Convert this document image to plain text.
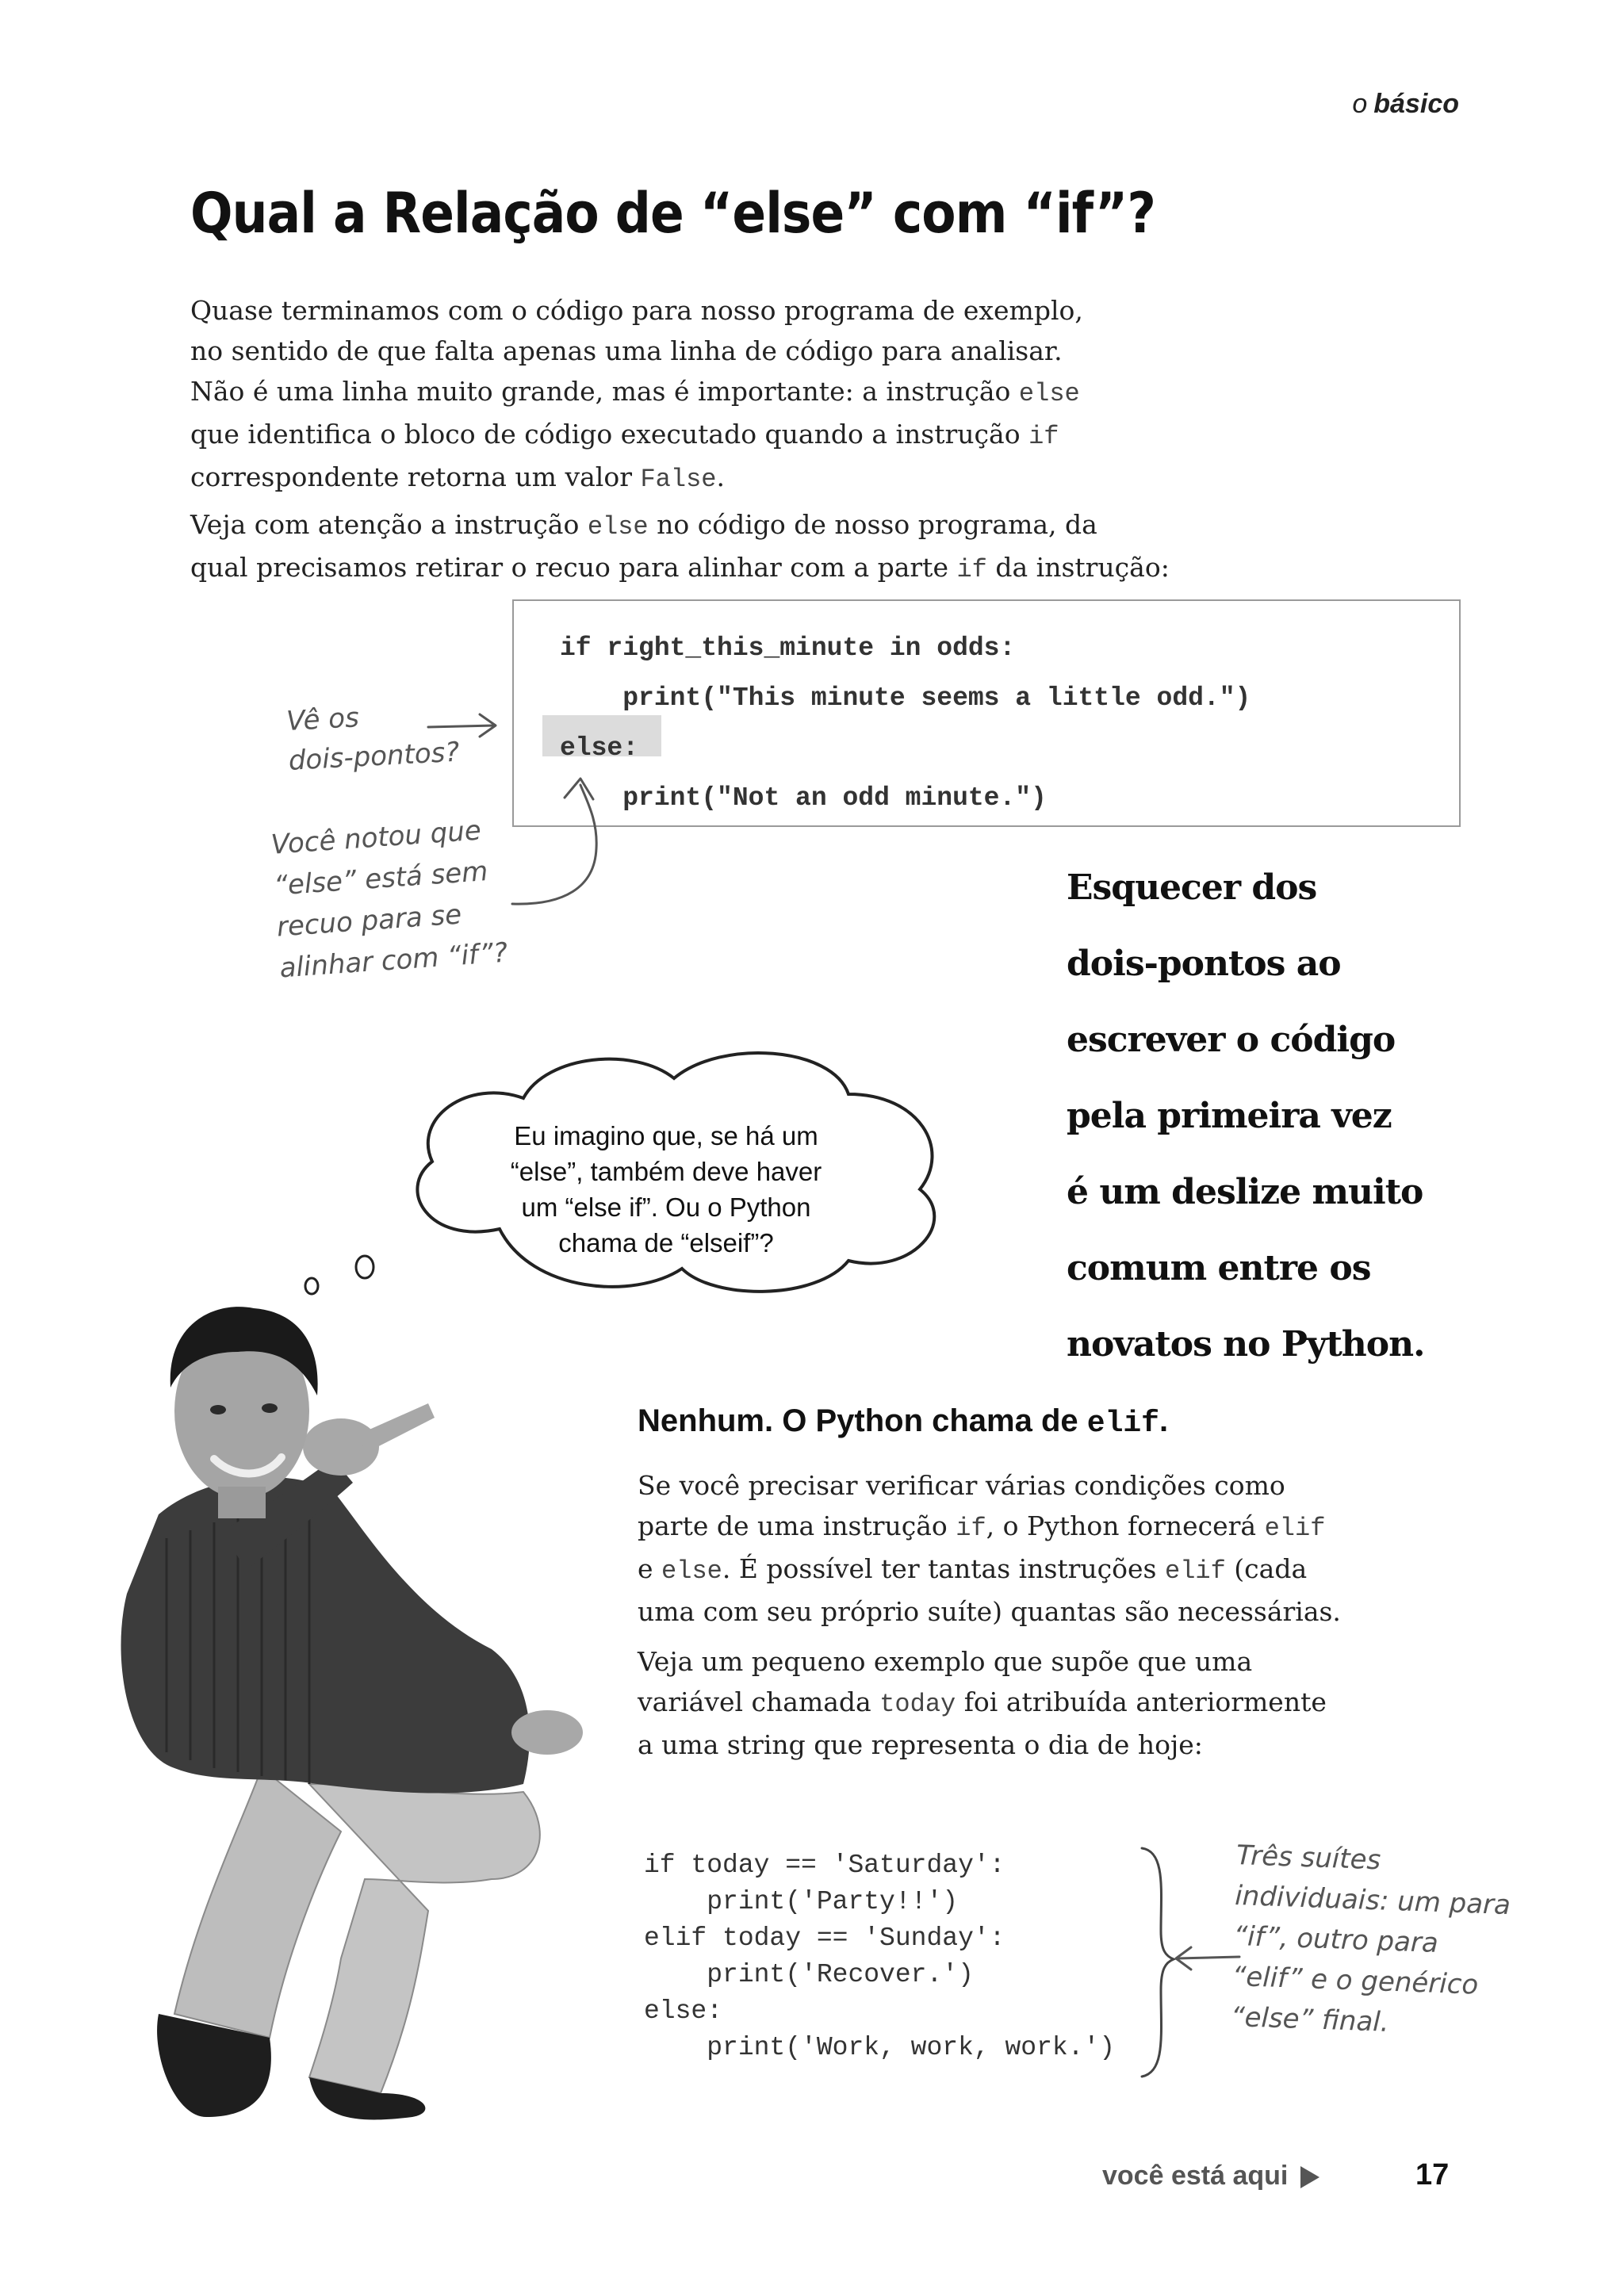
o básico
Qual a Relação de “else” com “if”?
Quase terminamos com o código para nosso programa de exemplo,
no sentido de que falta apenas uma linha de código para analisar.
Não é uma linha muito grande, mas é importante: a instrução else
que identifica o bloco de código executado quando a instrução if
correspondente retorna um valor False.
Veja com atenção a instrução else no código de nosso programa, da
qual precisamos retirar o recuo para alinhar com a parte if da instrução:
if right_this_minute in odds:
print("This minute seems a little odd.")
else:
print("Not an odd minute.")
Vê os
dois-pontos?
Você notou que
“else” está sem
recuo para se
alinhar com “if”?
Esquecer dos
dois-pontos ao
escrever o código
pela primeira vez
é um deslize muito
comum entre os
novatos no Python.
Eu imagino que, se há um
“else”, também deve haver
um “else if”. Ou o Python
chama de “elseif”?
Nenhum. O Python chama de elif.
Se você precisar verificar várias condições como
parte de uma instrução if, o Python fornecerá elif
e else. É possível ter tantas instruções elif (cada
uma com seu próprio suíte) quantas são necessárias.
Veja um pequeno exemplo que supõe que uma
variável chamada today foi atribuída anteriormente
a uma string que representa o dia de hoje:
if today == 'Saturday':
print('Party!!')
elif today == 'Sunday':
print('Recover.')
else:
print('Work, work, work.')
Três suítes
individuais: um para
“if”, outro para
“elif” e o genérico
“else” final.
você está aqui	17
